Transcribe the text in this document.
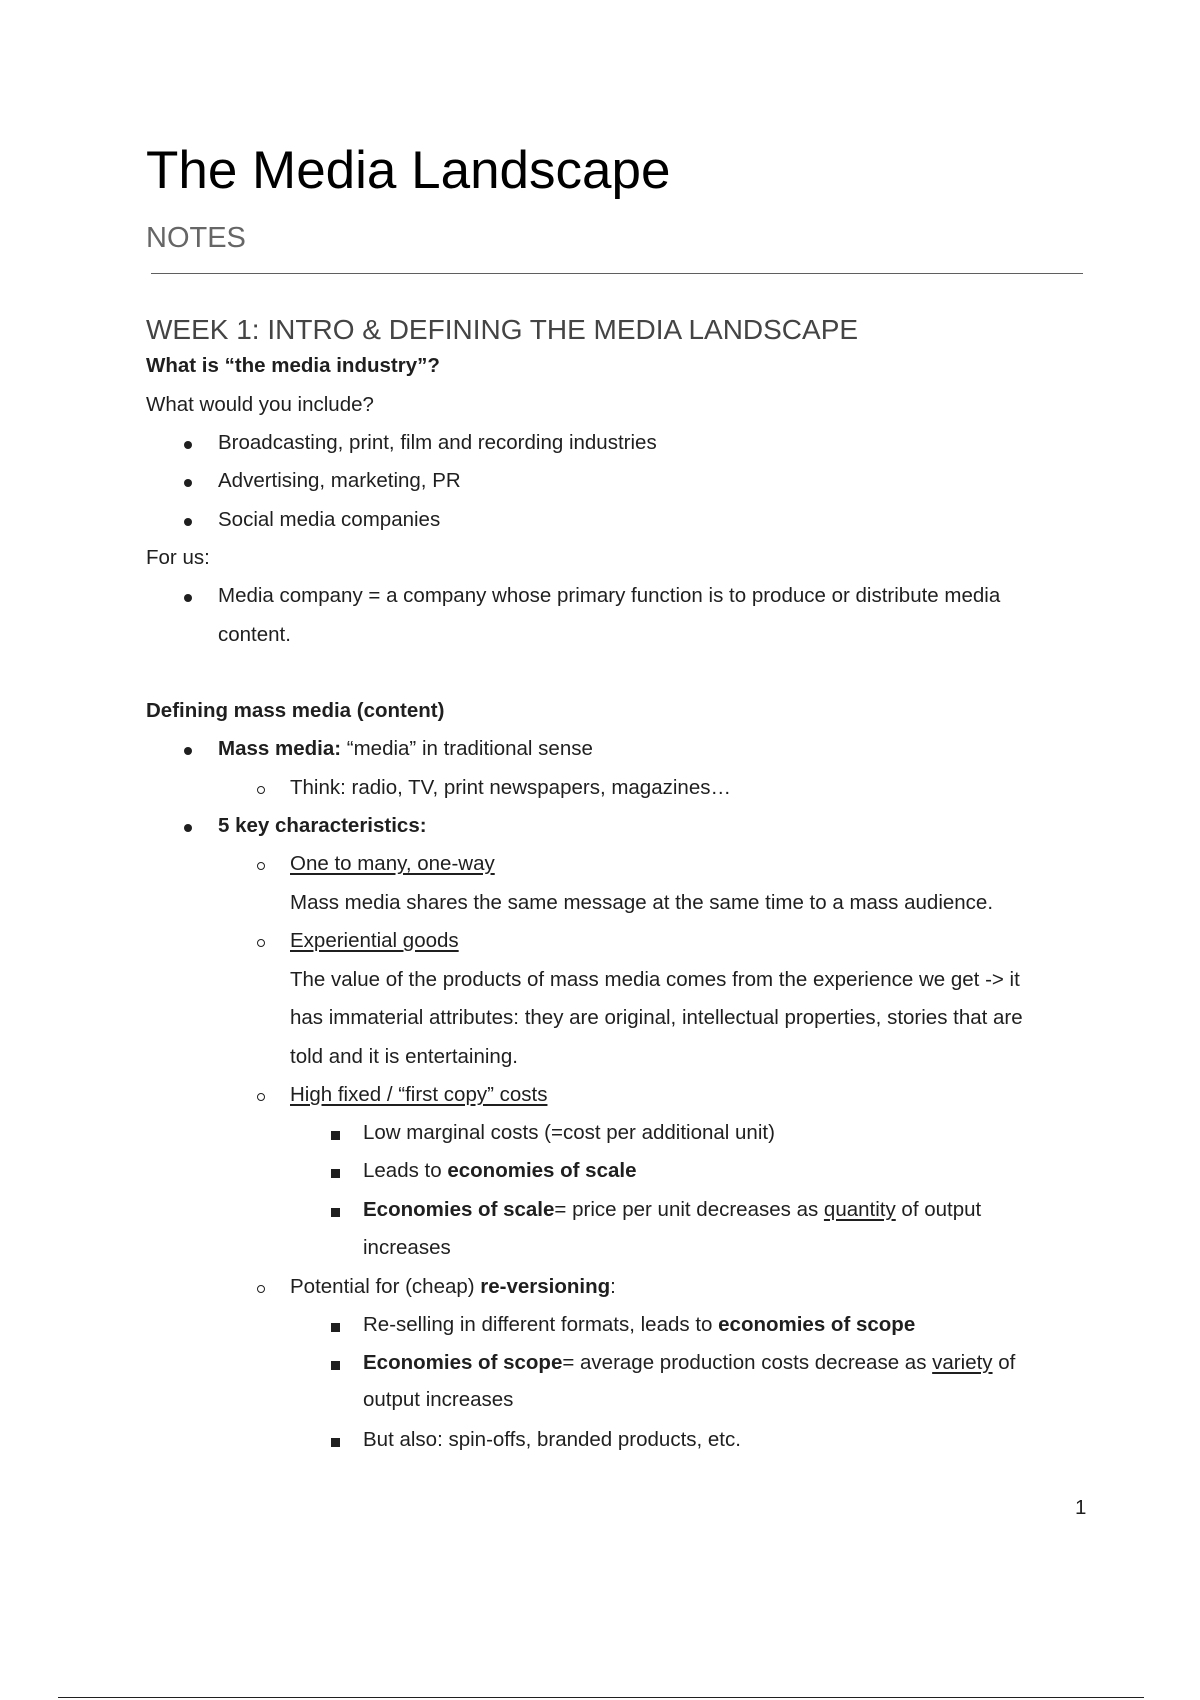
The Media Landscape
NOTES
WEEK 1: INTRO & DEFINING THE MEDIA LANDSCAPE
What is “the media industry”?
What would you include?
Broadcasting, print, film and recording industries
Advertising, marketing, PR
Social media companies
For us:
Media company = a company whose primary function is to produce or distribute media
content.
Defining mass media (content)
Mass media: “media” in traditional sense
Think: radio, TV, print newspapers, magazines…
5 key characteristics:
One to many, one-way
Mass media shares the same message at the same time to a mass audience.
Experiential goods
The value of the products of mass media comes from the experience we get -> it
has immaterial attributes: they are original, intellectual properties, stories that are
told and it is entertaining.
High fixed / “first copy” costs
Low marginal costs (=cost per additional unit)
Leads to economies of scale
Economies of scale= price per unit decreases as quantity of output
increases
Potential for (cheap) re-versioning:
Re-selling in different formats, leads to economies of scope
Economies of scope= average production costs decrease as variety of
output increases
But also: spin-offs, branded products, etc.
1
